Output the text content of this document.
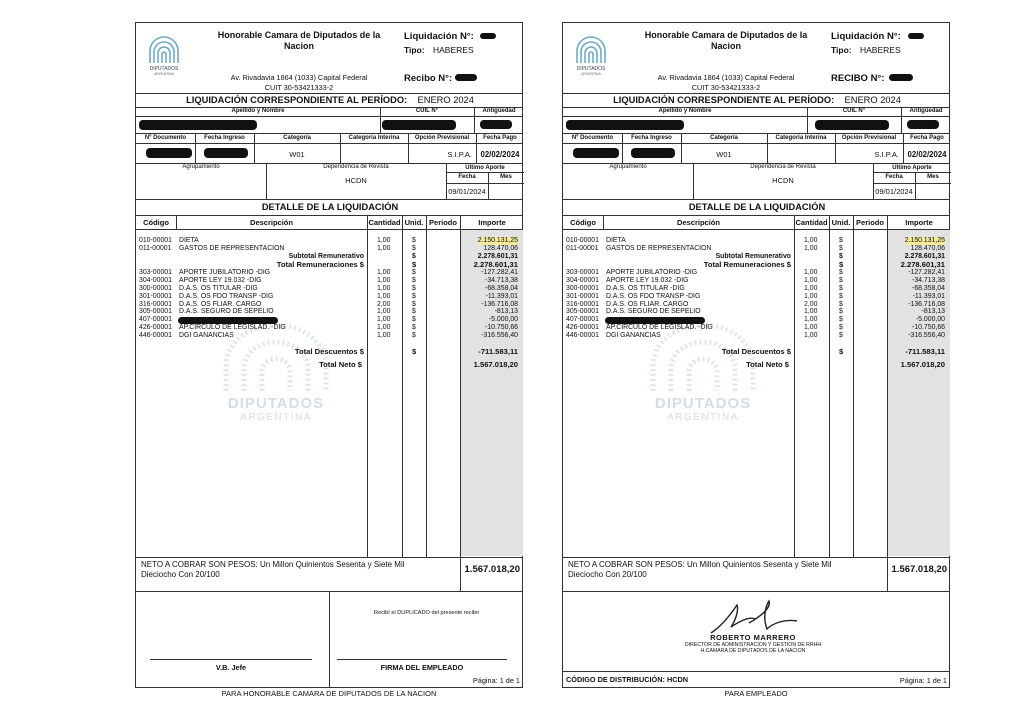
DIPUTADOS
ARGENTINA
Honorable Camara de Diputados de la Nacion
Av. Rivadavia 1864 (1033) Capital Federal
CUIT 30-53421333-2
Liquidación N°:
Tipo: HABERES
Recibo N°:
LIQUIDACIÓN CORRESPONDIENTE AL PERÍODO: ENERO 2024
Apellido y Nombre	CUIL N°	Antigüedad
Nº Documento	Fecha Ingreso	Categoría	Categoría Interina	Opción Previsional	Fecha Pago
W01	S.I.P.A.	02/02/2024
Agrupamiento	Dependencia de Revista	Último Aporte
Fecha	Mes
HCDN
09/01/2024
DETALLE DE LA LIQUIDACIÓN
Código	Descripción	Cantidad Unid. Periodo	Importe
DIPUTADOS
ARGENTINA
010-00001 DIETA	1,00	$	2.150.131,25
011-00001 GASTOS DE REPRESENTACION	1,00	$	128.470,06
Subtotal Remunerativo	$	2.278.601,31
Total Remuneraciones $	$	2.278.601,31
303-00001 APORTE JUBILATORIO -DIG	1,00	$	-127.282,41
304-00001 APORTE LEY 19.032 -DIG	1,00	$	-34.713,38
300-00001 D.A.S. OS TITULAR -DIG	1,00	$	-68.358,04
301-00001 D.A.S. OS FDO TRANSP -DIG	1,00	$	-11.393,01
316-00001 D.A.S. OS FLIAR. CARGO	2,00	$	-136.716,08
305-00001 D.A.S. SEGURO DE SEPELIO	1,00	$	-813,13
407-00001	1,00	$	-5.000,00
426-00001 AP.CIRCULO DE LEGISLAD. -DIG	1,00	$	-10.750,66
446-00001 DGI GANANCIAS	1,00	$	-316.556,40
Total Descuentos $	$	-711.583,11
Total Neto $	1.567.018,20
NETO A COBRAR SON PESOS: Un Millon Quinientos Sesenta y Siete Mil
Dieciocho Con 20/100	1.567.018,20
Recibí el DUPLICADO del presente recibo
V.B. Jefe	FIRMA DEL EMPLEADO
Página: 1 de 1
PARA HONORABLE CAMARA DE DIPUTADOS DE LA NACION
DIPUTADOS
ARGENTINA
Honorable Camara de Diputados de la Nacion
Av. Rivadavia 1864 (1033) Capital Federal
CUIT 30-53421333-2
Liquidación N°:
Tipo: HABERES
RECIBO N°:
LIQUIDACIÓN CORRESPONDIENTE AL PERÍODO: ENERO 2024
Apellido y Nombre	CUIL N°	Antigüedad
Nº Documento	Fecha Ingreso	Categoría	Categoría Interina	Opción Previsional	Fecha Pago
W01	S.I.P.A.	02/02/2024
Agrupamiento	Dependencia de Revista	Último Aporte
Fecha	Mes
HCDN
09/01/2024
DETALLE DE LA LIQUIDACIÓN
Código	Descripción	Cantidad Unid. Periodo	Importe
DIPUTADOS
ARGENTINA
010-00001 DIETA	1,00	$	2.150.131,25
011-00001 GASTOS DE REPRESENTACION	1,00	$	128.470,06
Subtotal Remunerativo	$	2.278.601,31
Total Remuneraciones $	$	2.278.601,31
303-00001 APORTE JUBILATORIO -DIG	1,00	$	-127.282,41
304-00001 APORTE LEY 19.032 -DIG	1,00	$	-34.713,38
300-00001 D.A.S. OS TITULAR -DIG	1,00	$	-68.358,04
301-00001 D.A.S. OS FDO TRANSP -DIG	1,00	$	-11.393,01
316-00001 D.A.S. OS FLIAR. CARGO	2,00	$	-136.716,08
305-00001 D.A.S. SEGURO DE SEPELIO	1,00	$	-813,13
407-00001	1,00	$	-5.000,00
426-00001 AP.CIRCULO DE LEGISLAD. -DIG	1,00	$	-10.750,66
446-00001 DGI GANANCIAS	1,00	$	-316.556,40
Total Descuentos $	$	-711.583,11
Total Neto $	1.567.018,20
NETO A COBRAR SON PESOS: Un Millon Quinientos Sesenta y Siete Mil
Dieciocho Con 20/100	1.567.018,20
ROBERTO MARRERO
DIRECTOR DE ADMINISTRACION Y GESTION DE RRHH
H.CAMARA DE DIPUTADOS DE LA NACION
CÓDIGO DE DISTRIBUCIÓN: HCDN	Página: 1 de 1
PARA EMPLEADO
